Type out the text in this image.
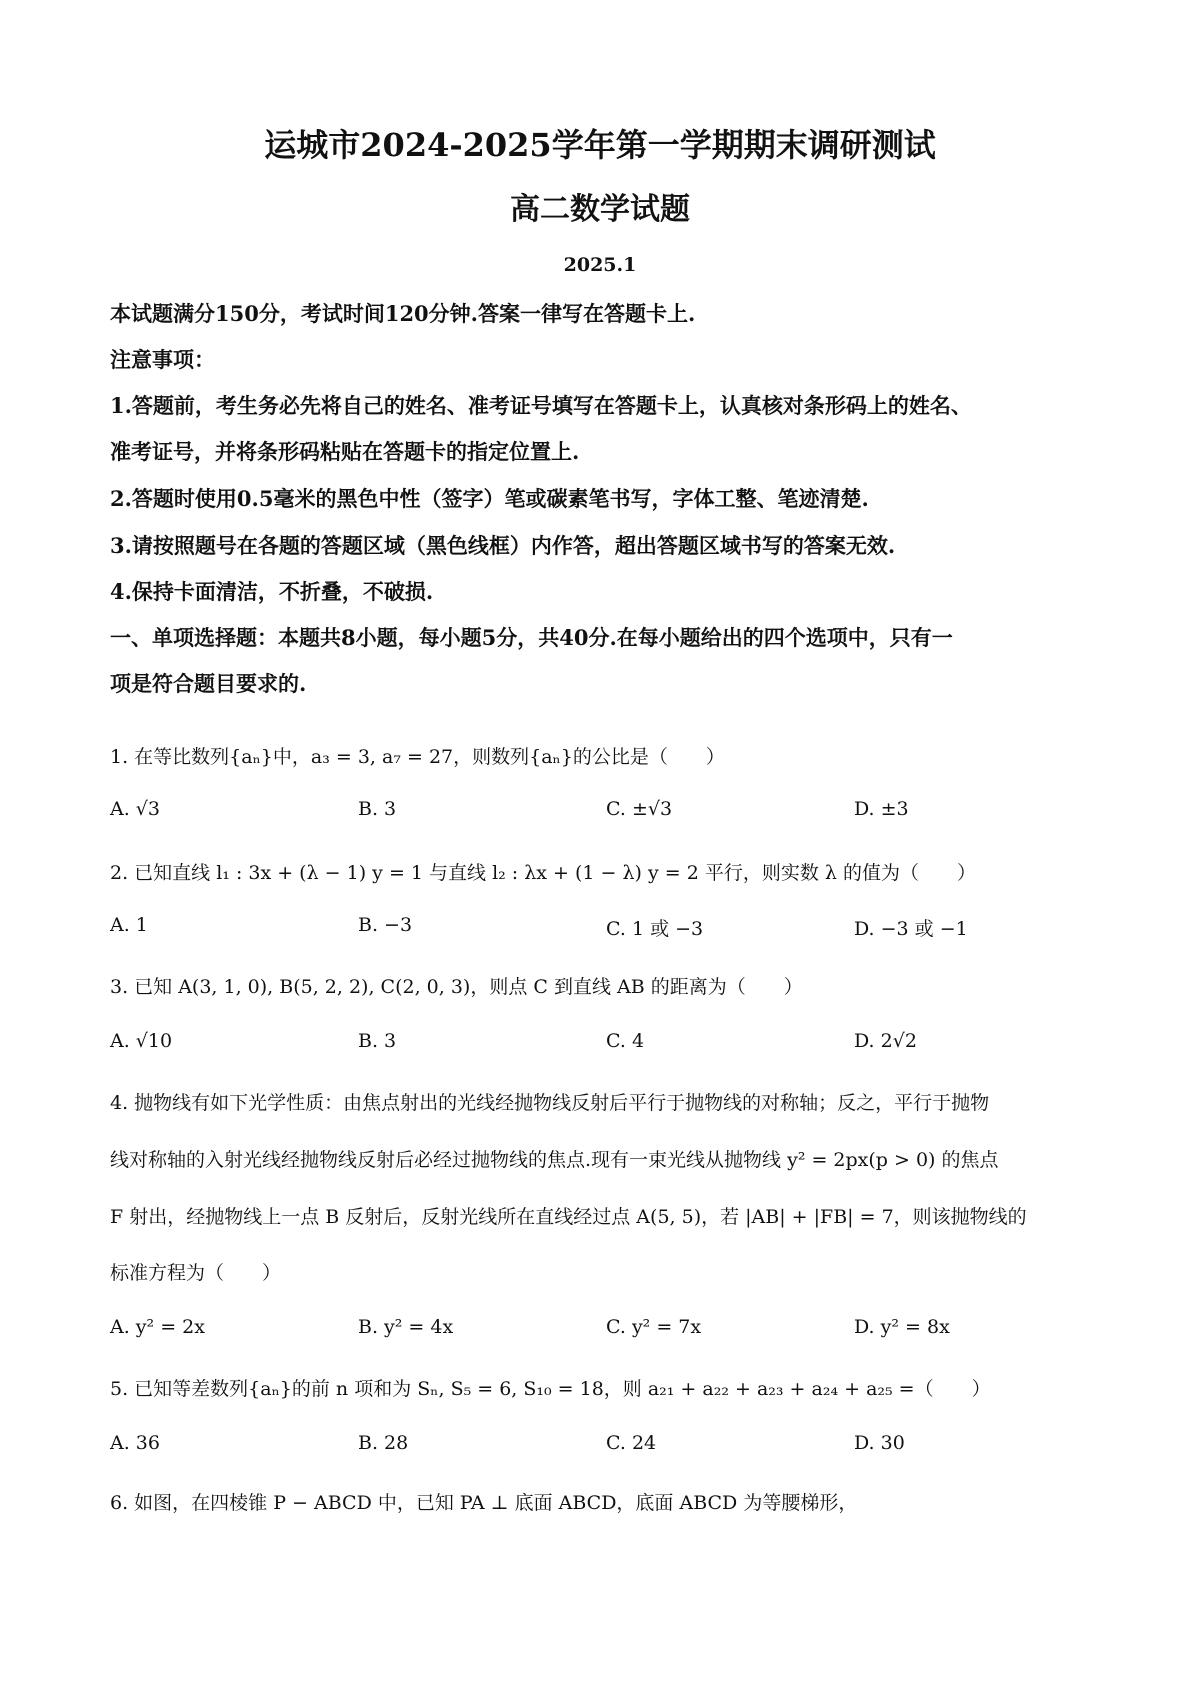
运城市2024-2025学年第一学期期末调研测试
高二数学试题
2025.1
本试题满分150分，考试时间120分钟.答案一律写在答题卡上.
注意事项：
1.答题前，考生务必先将自己的姓名、准考证号填写在答题卡上，认真核对条形码上的姓名、
准考证号，并将条形码粘贴在答题卡的指定位置上.
2.答题时使用0.5毫米的黑色中性（签字）笔或碳素笔书写，字体工整、笔迹清楚.
3.请按照题号在各题的答题区域（黑色线框）内作答，超出答题区域书写的答案无效.
4.保持卡面清洁，不折叠，不破损.
一、单项选择题：本题共8小题，每小题5分，共40分.在每小题给出的四个选项中，只有一
项是符合题目要求的.
1. 在等比数列{aₙ}中，a₃ = 3, a₇ = 27，则数列{aₙ}的公比是（　　）
A. √3	B. 3	C. ±√3	D. ±3
2. 已知直线 l₁ : 3x + (λ − 1) y = 1 与直线 l₂ : λx + (1 − λ) y = 2 平行，则实数 λ 的值为（　　）
A. 1	B. −3	C. 1 或 −3	D. −3 或 −1
3. 已知 A(3, 1, 0), B(5, 2, 2), C(2, 0, 3)，则点 C 到直线 AB 的距离为（　　）
A. √10	B. 3	C. 4	D. 2√2
4. 抛物线有如下光学性质：由焦点射出的光线经抛物线反射后平行于抛物线的对称轴；反之，平行于抛物
线对称轴的入射光线经抛物线反射后必经过抛物线的焦点.现有一束光线从抛物线 y² = 2px(p > 0) 的焦点
F 射出，经抛物线上一点 B 反射后，反射光线所在直线经过点 A(5, 5)，若 |AB| + |FB| = 7，则该抛物线的
标准方程为（　　）
A. y² = 2x	B. y² = 4x	C. y² = 7x	D. y² = 8x
5. 已知等差数列{aₙ}的前 n 项和为 Sₙ, S₅ = 6, S₁₀ = 18，则 a₂₁ + a₂₂ + a₂₃ + a₂₄ + a₂₅ =（　　）
A. 36	B. 28	C. 24	D. 30
6. 如图，在四棱锥 P − ABCD 中，已知 PA ⊥ 底面 ABCD，底面 ABCD 为等腰梯形，
